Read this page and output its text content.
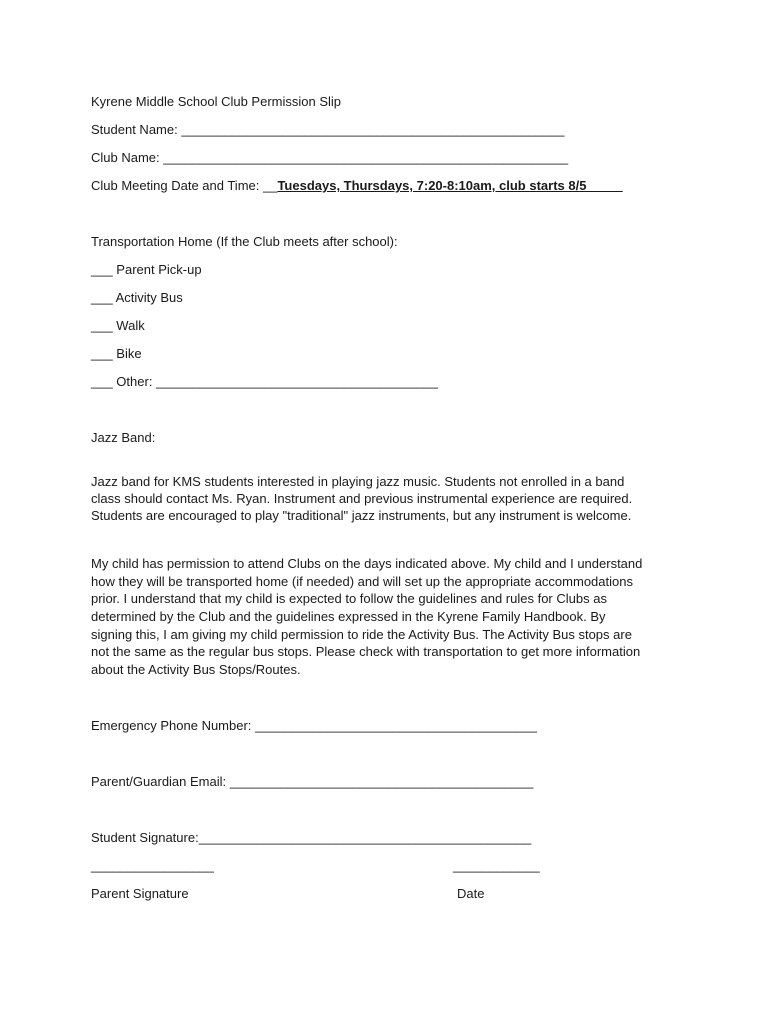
Kyrene Middle School Club Permission Slip
Student Name: _____________________________________________________
Club Name: ________________________________________________________
Club Meeting Date and Time: __Tuesdays, Thursdays, 7:20-8:10am, club starts 8/5_____
Transportation Home (If the Club meets after school):
___ Parent Pick-up
___ Activity Bus
___ Walk
___ Bike
___ Other: _______________________________________
Jazz Band:
Jazz band for KMS students interested in playing jazz music. Students not enrolled in a band
class should contact Ms. Ryan. Instrument and previous instrumental experience are required.
Students are encouraged to play "traditional" jazz instruments, but any instrument is welcome.
My child has permission to attend Clubs on the days indicated above. My child and I understand
how they will be transported home (if needed) and will set up the appropriate accommodations
prior. I understand that my child is expected to follow the guidelines and rules for Clubs as
determined by the Club and the guidelines expressed in the Kyrene Family Handbook. By
signing this, I am giving my child permission to ride the Activity Bus. The Activity Bus stops are
not the same as the regular bus stops. Please check with transportation to get more information
about the Activity Bus Stops/Routes.
Emergency Phone Number: _______________________________________
Parent/Guardian Email: __________________________________________
Student Signature:______________________________________________
_________________	____________
Parent Signature	Date
